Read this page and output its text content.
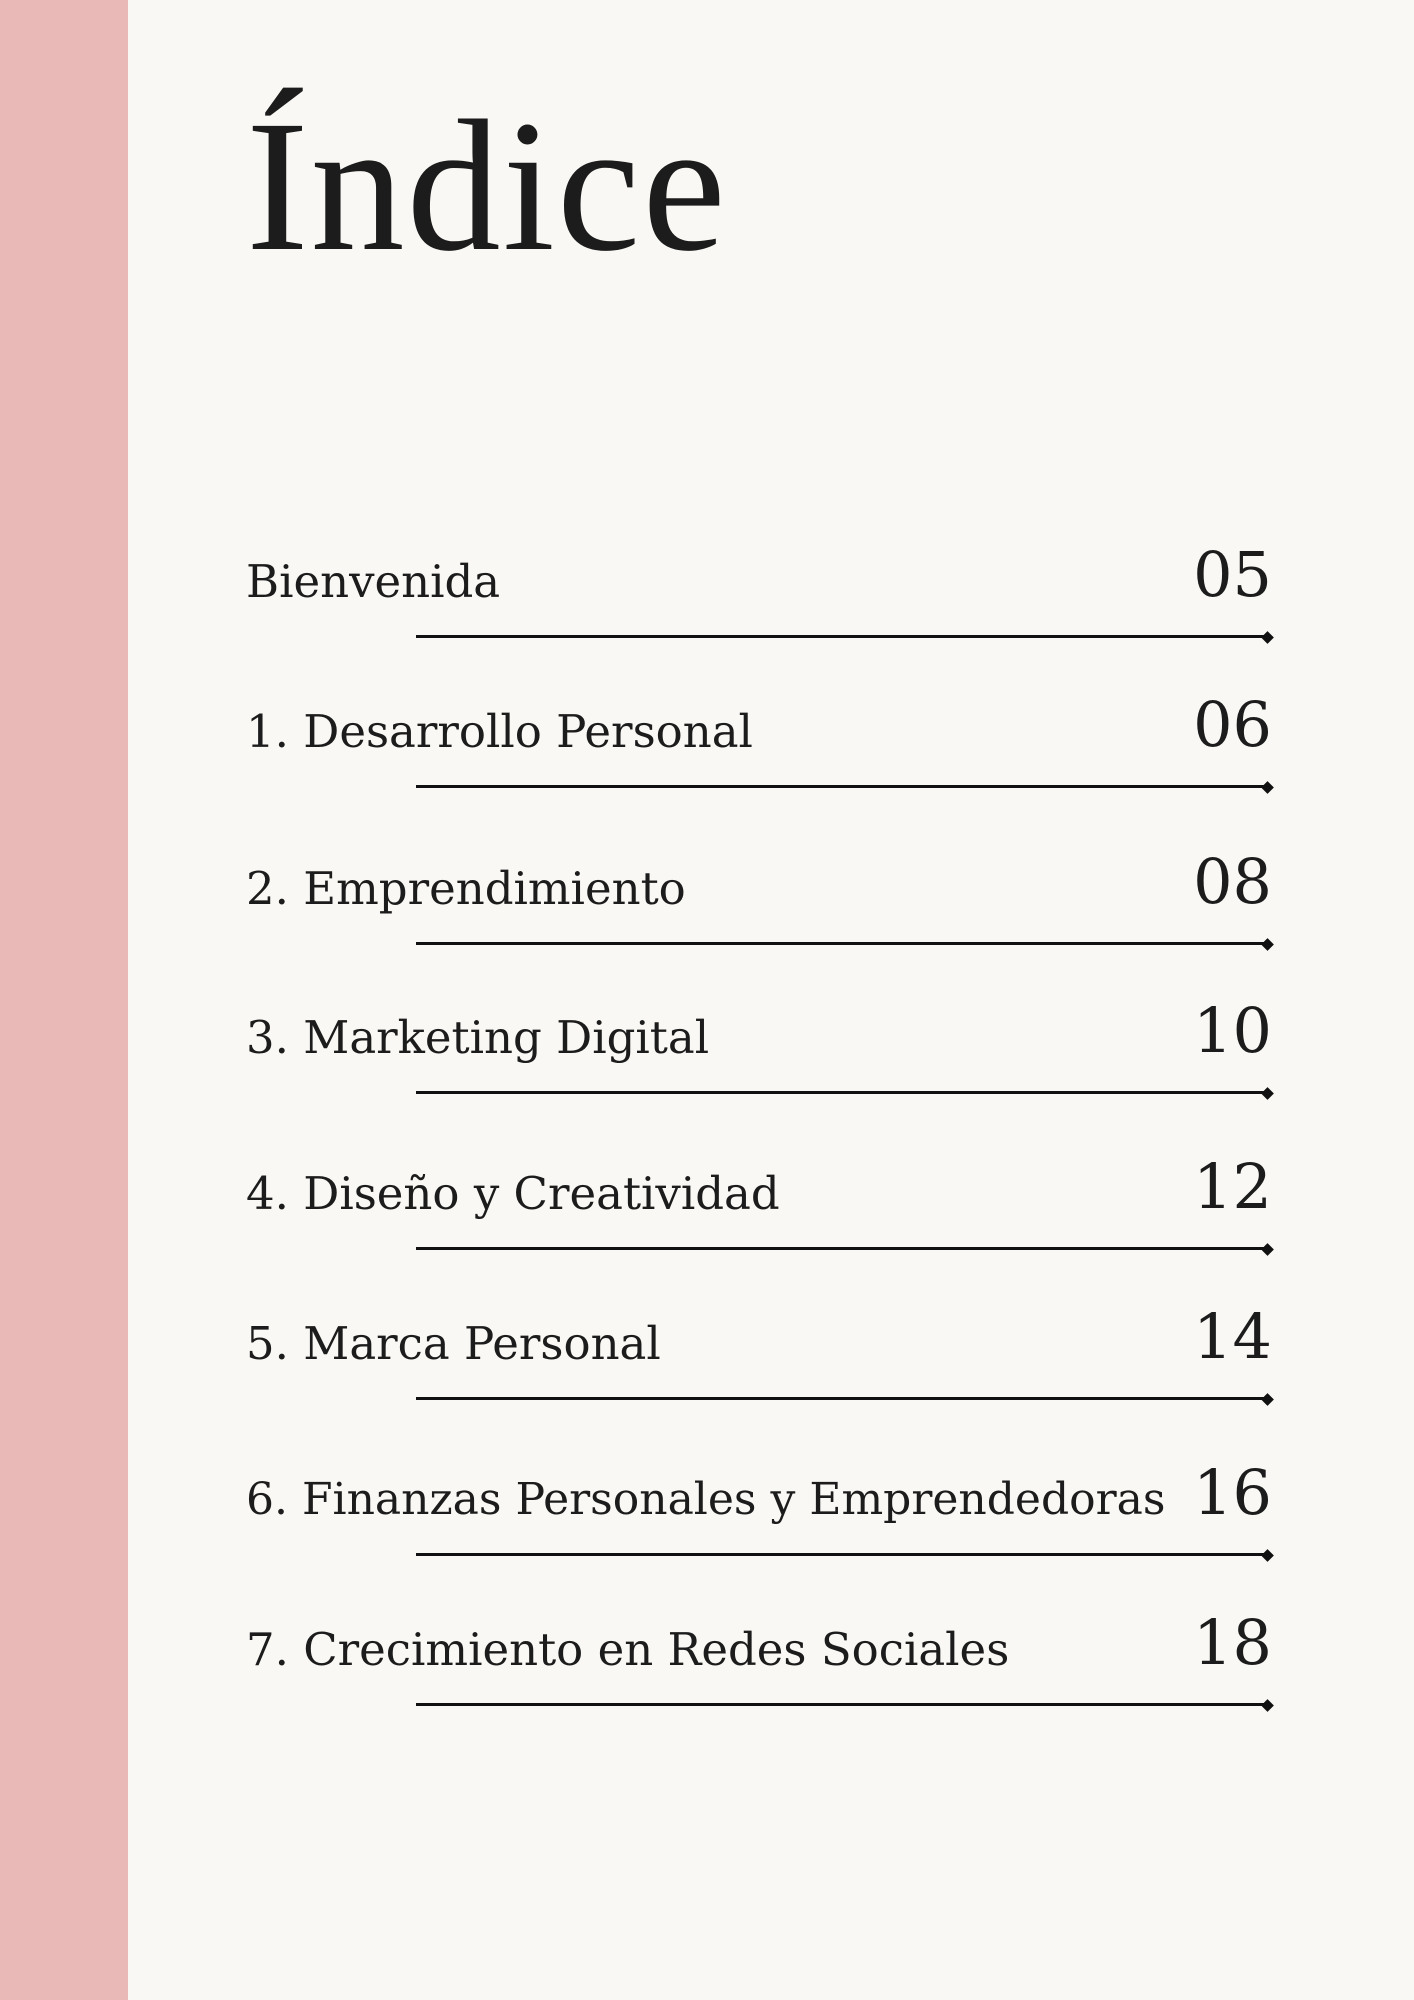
Índice
Bienvenida	05
1. Desarrollo Personal	06
2. Emprendimiento	08
3. Marketing Digital	10
4. Diseño y Creatividad	12
5. Marca Personal	14
6. Finanzas Personales y Emprendedoras 16
7. Crecimiento en Redes Sociales	18
